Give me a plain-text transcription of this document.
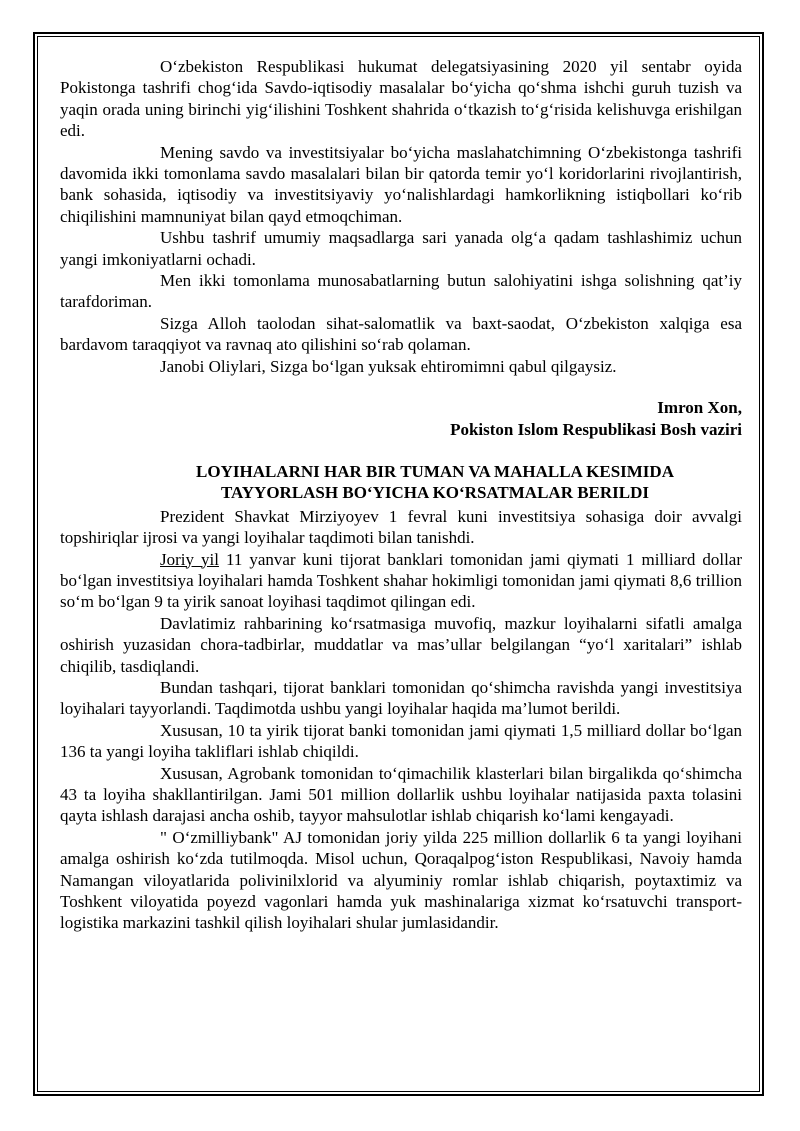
O‘zbekiston Respublikasi hukumat delegatsiyasining 2020 yil sentabr oyida Pokistonga tashrifi chog‘ida Savdo-iqtisodiy masalalar bo‘yicha qo‘shma ishchi guruh tuzish va yaqin orada uning birinchi yig‘ilishini Toshkent shahrida o‘tkazish to‘g‘risida kelishuvga erishilgan edi.

Mening savdo va investitsiyalar bo‘yicha maslahatchimning O‘zbekistonga tashrifi davomida ikki tomonlama savdo masalalari bilan bir qatorda temir yo‘l koridorlarini rivojlantirish, bank sohasida, iqtisodiy va investitsiyaviy yo‘nalishlardagi hamkorlikning istiqbollari ko‘rib chiqilishini mamnuniyat bilan qayd etmoqchiman.

Ushbu tashrif umumiy maqsadlarga sari yanada olg‘a qadam tashlashimiz uchun yangi imkoniyatlarni ochadi.

Men ikki tomonlama munosabatlarning butun salohiyatini ishga solishning qat’iy tarafdoriman.

Sizga Alloh taolodan sihat-salomatlik va baxt-saodat, O‘zbekiston xalqiga esa bardavom taraqqiyot va ravnaq ato qilishini so‘rab qolaman.

Janobi Oliylari, Sizga bo‘lgan yuksak ehtiromimni qabul qilgaysiz.

Imron Xon,

Pokiston Islom Respublikasi Bosh vaziri

LOYIHALARNI HAR BIR TUMAN VA MAHALLA KESIMIDA
TAYYORLASH BO‘YICHA KO‘RSATMALAR BERILDI

Prezident Shavkat Mirziyoyev 1 fevral kuni investitsiya sohasiga doir avvalgi topshiriqlar ijrosi va yangi loyihalar taqdimoti bilan tanishdi.

Joriy yil 11 yanvar kuni tijorat banklari tomonidan jami qiymati 1 milliard dollar bo‘lgan investitsiya loyihalari hamda Toshkent shahar hokimligi tomonidan jami qiymati 8,6 trillion so‘m bo‘lgan 9 ta yirik sanoat loyihasi taqdimot qilingan edi.

Davlatimiz rahbarining ko‘rsatmasiga muvofiq, mazkur loyihalarni sifatli amalga oshirish yuzasidan chora-tadbirlar, muddatlar va mas’ullar belgilangan “yo‘l xaritalari” ishlab chiqilib, tasdiqlandi.

Bundan tashqari, tijorat banklari tomonidan qo‘shimcha ravishda yangi investitsiya loyihalari tayyorlandi. Taqdimotda ushbu yangi loyihalar haqida ma’lumot berildi.

Xususan, 10 ta yirik tijorat banki tomonidan jami qiymati 1,5 milliard dollar bo‘lgan 136 ta yangi loyiha takliflari ishlab chiqildi.

Xususan, Agrobank tomonidan to‘qimachilik klasterlari bilan birgalikda qo‘shimcha 43 ta loyiha shakllantirilgan. Jami 501 million dollarlik ushbu loyihalar natijasida paxta tolasini qayta ishlash darajasi ancha oshib, tayyor mahsulotlar ishlab chiqarish ko‘lami kengayadi.

" O‘zmilliybank" AJ tomonidan joriy yilda 225 million dollarlik 6 ta yangi loyihani amalga oshirish ko‘zda tutilmoqda. Misol uchun, Qoraqalpog‘iston Respublikasi, Navoiy hamda Namangan viloyatlarida polivinilxlorid va alyuminiy romlar ishlab chiqarish, poytaxtimiz va Toshkent viloyatida poyezd vagonlari hamda yuk mashinalariga xizmat ko‘rsatuvchi transport-logistika markazini tashkil qilish loyihalari shular jumlasidandir.
